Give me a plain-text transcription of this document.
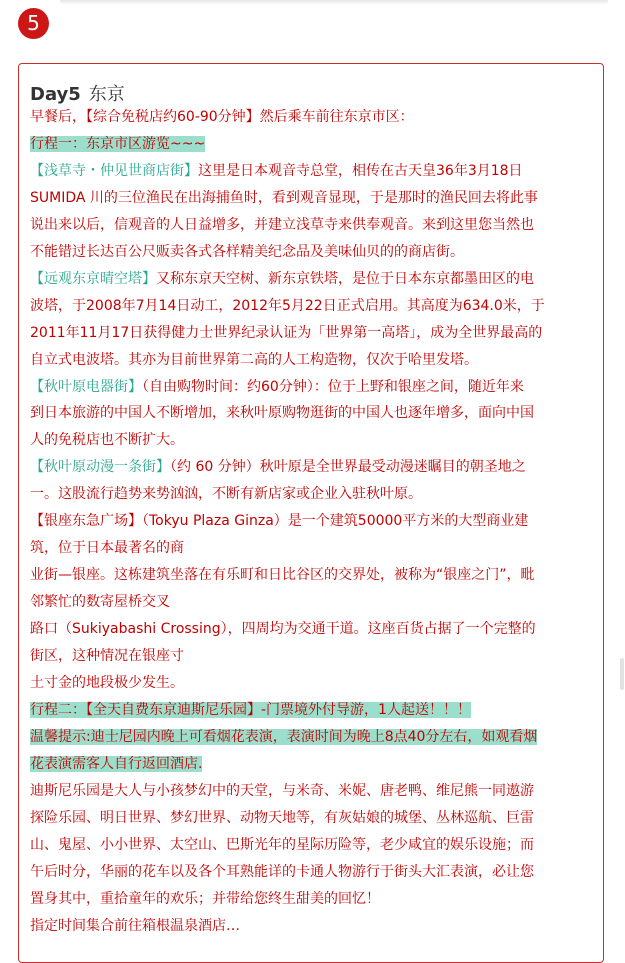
5
Day5 东京
早餐后，【综合免税店约60-90分钟】然后乘车前往东京市区：
行程一：东京市区游览~~~
【浅草寺・仲见世商店街】这里是日本观音寺总堂，相传在古天皇36年3月18日
SUMIDA 川的三位渔民在出海捕鱼时，看到观音显现，于是那时的渔民回去将此事
说出来以后，信观音的人日益增多，并建立浅草寺来供奉观音。来到这里您当然也
不能错过长达百公尺贩卖各式各样精美纪念品及美味仙贝的的商店街。
【远观东京晴空塔】又称东京天空树、新东京铁塔，是位于日本东京都墨田区的电
波塔，于2008年7月14日动工，2012年5月22日正式启用。其高度为634.0米，于
2011年11月17日获得健力士世界纪录认证为「世界第一高塔」，成为全世界最高的
自立式电波塔。其亦为目前世界第二高的人工构造物，仅次于哈里发塔。
【秋叶原电器街】（自由购物时间：约60分钟）：位于上野和银座之间，随近年来
到日本旅游的中国人不断增加，来秋叶原购物逛街的中国人也逐年增多，面向中国
人的免税店也不断扩大。
【秋叶原动漫一条街】（约 60 分钟）秋叶原是全世界最受动漫迷瞩目的朝圣地之
一。这股流行趋势来势汹汹，不断有新店家或企业入驻秋叶原。
【银座东急广场】（Tokyu Plaza Ginza）是一个建筑50000平方米的大型商业建
筑，位于日本最著名的商
业街—银座。这栋建筑坐落在有乐町和日比谷区的交界处，被称为“银座之门”，毗
邻繁忙的数寄屋桥交叉
路口（Sukiyabashi Crossing），四周均为交通干道。这座百货占据了一个完整的
街区，这种情况在银座寸
土寸金的地段极少发生。
行程二：【全天自费东京迪斯尼乐园】-门票境外付导游，1人起送！！！
温馨提示:迪士尼园内晚上可看烟花表演，表演时间为晚上8点40分左右，如观看烟
花表演需客人自行返回酒店.
迪斯尼乐园是大人与小孩梦幻中的天堂，与米奇、米妮、唐老鸭、维尼熊一同遨游
探险乐园、明日世界、梦幻世界、动物天地等，有灰姑娘的城堡、丛林巡航、巨雷
山、鬼屋、小小世界、太空山、巴斯光年的星际历险等，老少咸宜的娱乐设施；而
午后时分，华丽的花车以及各个耳熟能详的卡通人物游行于街头大汇表演，必让您
置身其中，重拾童年的欢乐；并带给您终生甜美的回忆！
指定时间集合前往箱根温泉酒店…
